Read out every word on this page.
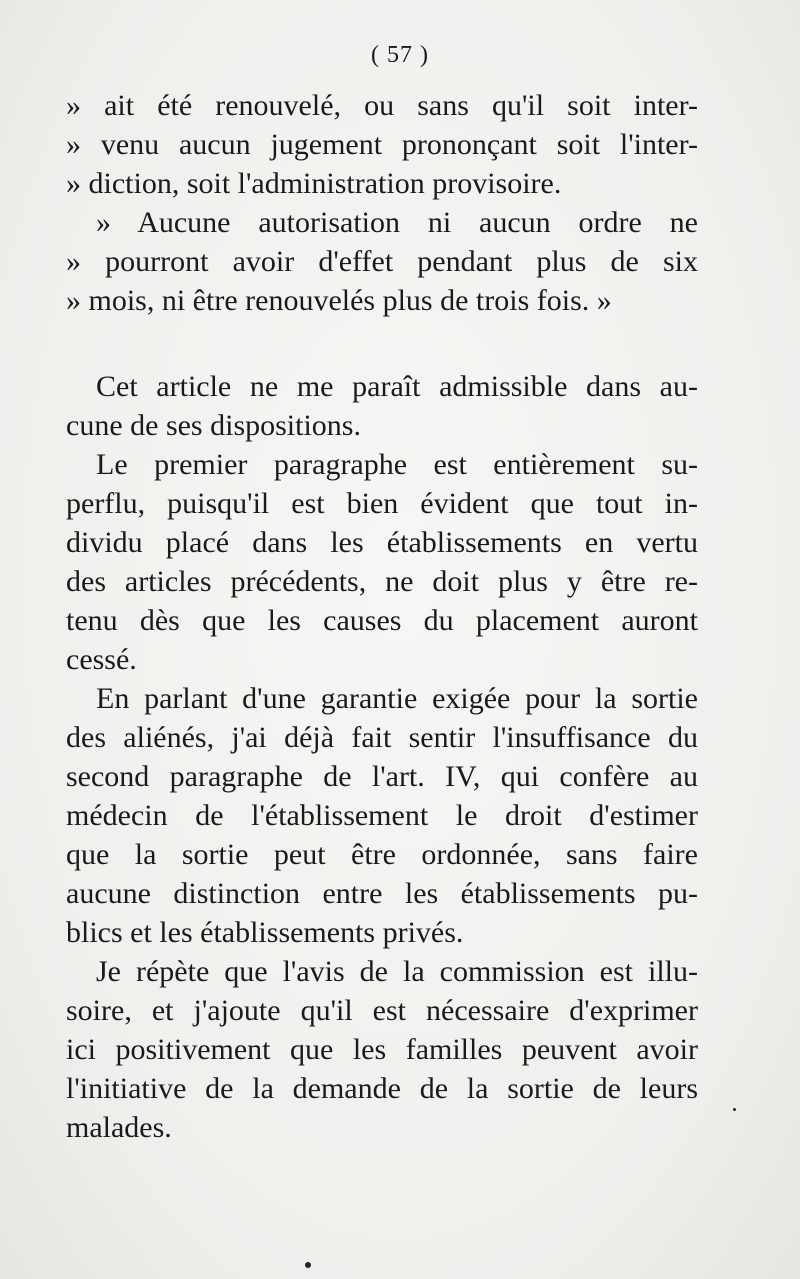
( 57 )
» ait été renouvelé, ou sans qu'il soit inter-
» venu aucun jugement prononçant soit l'inter-
» diction, soit l'administration provisoire.
» Aucune autorisation ni aucun ordre ne
» pourront avoir d'effet pendant plus de six
» mois, ni être renouvelés plus de trois fois. »
Cet article ne me paraît admissible dans au-
cune de ses dispositions.
Le premier paragraphe est entièrement su-
perflu, puisqu'il est bien évident que tout in-
dividu placé dans les établissements en vertu
des articles précédents, ne doit plus y être re-
tenu dès que les causes du placement auront
cessé.
En parlant d'une garantie exigée pour la sortie
des aliénés, j'ai déjà fait sentir l'insuffisance du
second paragraphe de l'art. IV, qui confère au
médecin de l'établissement le droit d'estimer
que la sortie peut être ordonnée, sans faire
aucune distinction entre les établissements pu-
blics et les établissements privés.
Je répète que l'avis de la commission est illu-
soire, et j'ajoute qu'il est nécessaire d'exprimer
ici positivement que les familles peuvent avoir
l'initiative de la demande de la sortie de leurs
malades.
